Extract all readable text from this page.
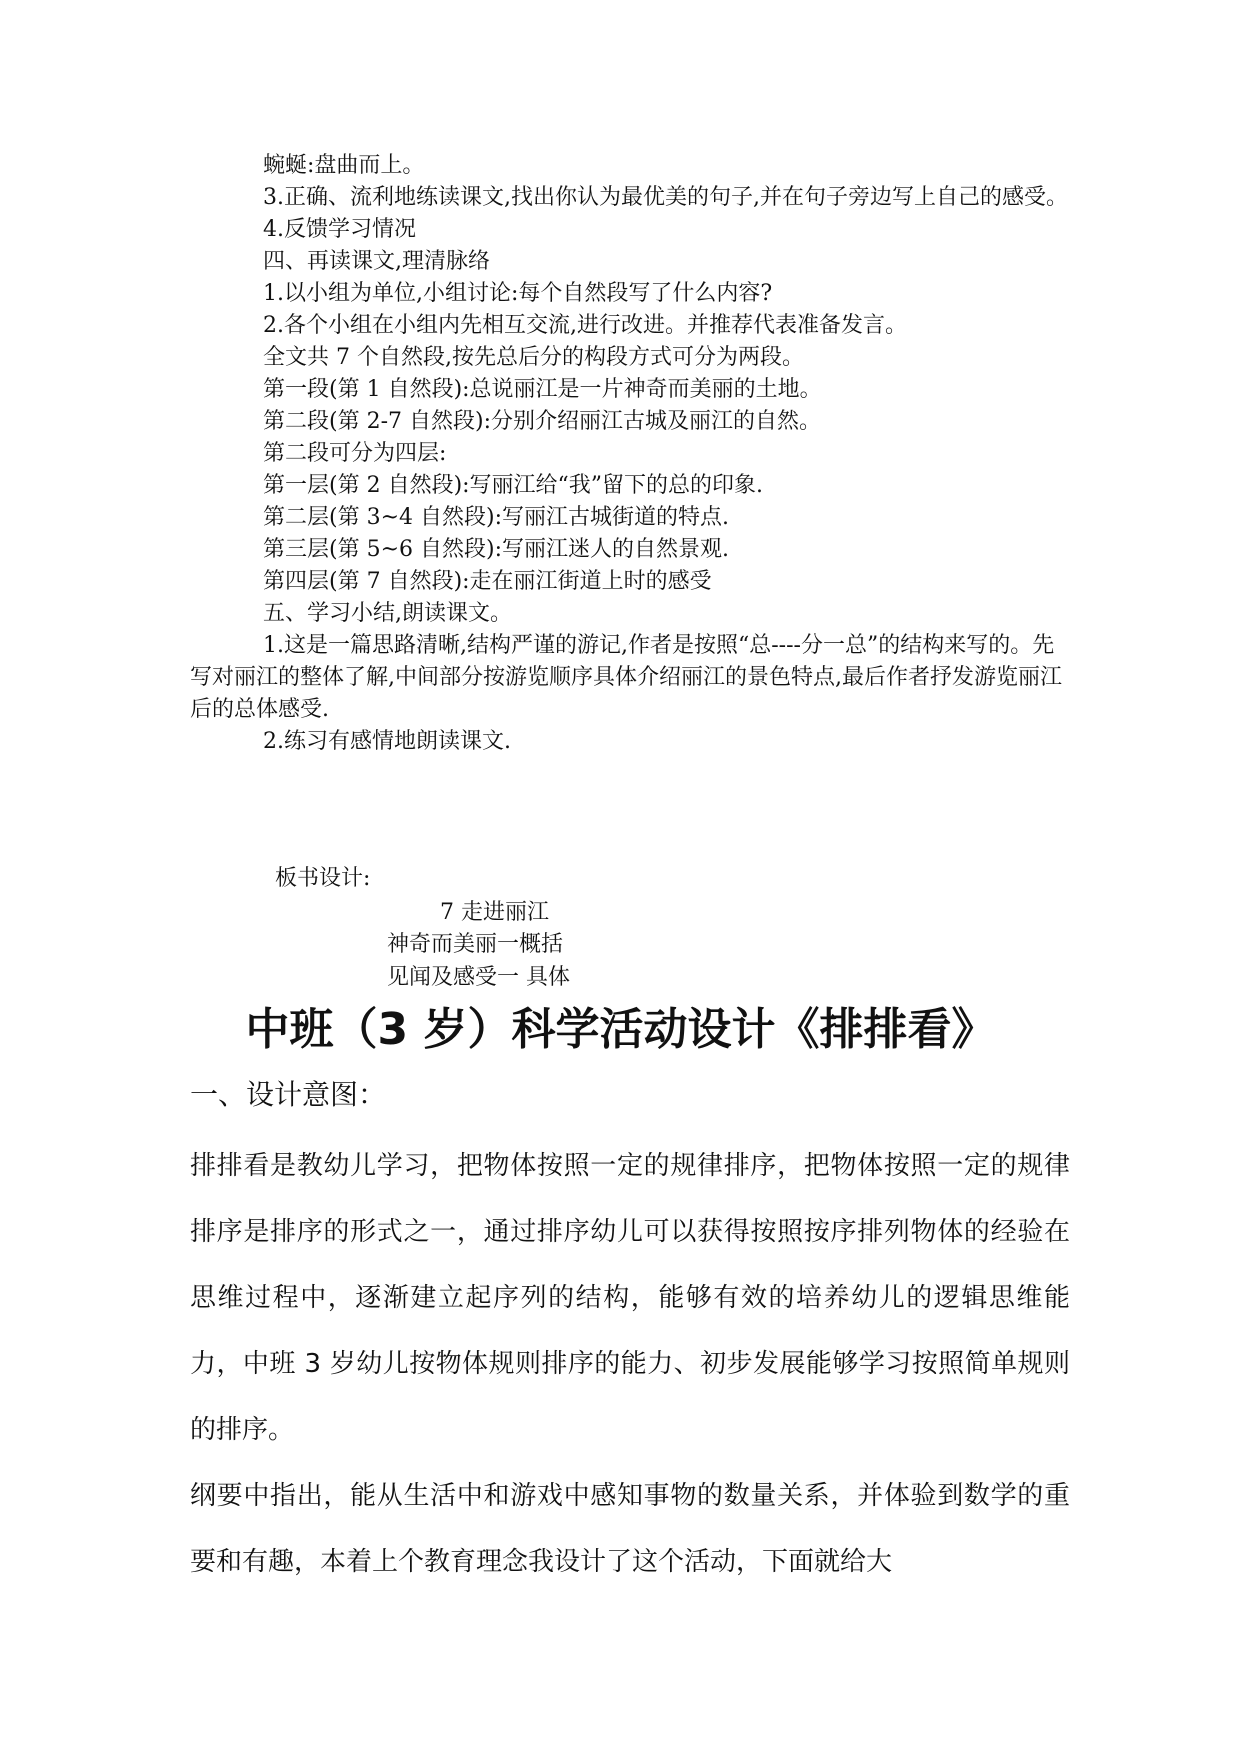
蜿蜒:盘曲而上。
3.正确、流利地练读课文,找出你认为最优美的句子,并在句子旁边写上自己的感受。
4.反馈学习情况
四、再读课文,理清脉络
1.以小组为单位,小组讨论:每个自然段写了什么内容?
2.各个小组在小组内先相互交流,进行改进。并推荐代表准备发言。
全文共 7 个自然段,按先总后分的构段方式可分为两段。
第一段(第 1 自然段):总说丽江是一片神奇而美丽的土地。
第二段(第 2-7 自然段):分别介绍丽江古城及丽江的自然。
第二段可分为四层:
第一层(第 2 自然段):写丽江给“我”留下的总的印象.
第二层(第 3~4 自然段):写丽江古城街道的特点.
第三层(第 5~6 自然段):写丽江迷人的自然景观.
第四层(第 7 自然段):走在丽江街道上时的感受
五、学习小结,朗读课文。
1.这是一篇思路清晰,结构严谨的游记,作者是按照“总----分一总”的结构来写的。先写对丽江的整体了解,中间部分按游览顺序具体介绍丽江的景色特点,最后作者抒发游览丽江后的总体感受.
2.练习有感情地朗读课文.
板书设计:
7 走进丽江
神奇而美丽一概括
见闻及感受一 具体
中班（3 岁）科学活动设计《排排看》
一、设计意图：

排排看是教幼儿学习，把物体按照一定的规律排序，把物体按照一定的规律排序是排序的形式之一，通过排序幼儿可以获得按照按序排列物体的经验在思维过程中，逐渐建立起序列的结构，能够有效的培养幼儿的逻辑思维能力，中班 3 岁幼儿按物体规则排序的能力、初步发展能够学习按照简单规则的排序。

纲要中指出，能从生活中和游戏中感知事物的数量关系，并体验到数学的重要和有趣，本着上个教育理念我设计了这个活动，下面就给大
